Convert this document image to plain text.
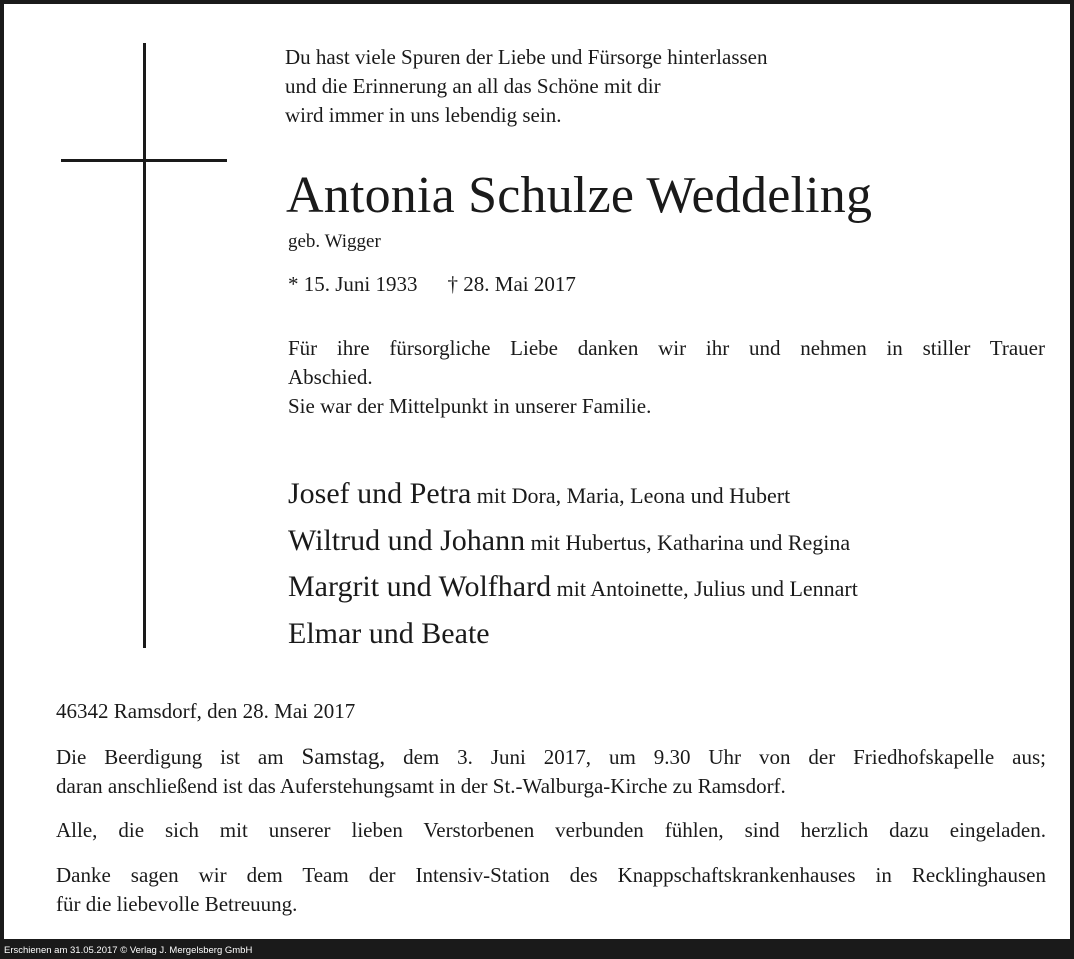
Du hast viele Spuren der Liebe und Fürsorge hinterlassen
und die Erinnerung an all das Schöne mit dir
wird immer in uns lebendig sein.
Antonia Schulze Weddeling
geb. Wigger
* 15. Juni 1933 † 28. Mai 2017
Für ihre fürsorgliche Liebe danken wir ihr und nehmen in stiller Trauer
Abschied.
Sie war der Mittelpunkt in unserer Familie.
Josef und Petra mit Dora, Maria, Leona und Hubert
Wiltrud und Johann mit Hubertus, Katharina und Regina
Margrit und Wolfhard mit Antoinette, Julius und Lennart
Elmar und Beate
46342 Ramsdorf, den 28. Mai 2017
Die Beerdigung ist am Samstag, dem 3. Juni 2017, um 9.30 Uhr von der Friedhofskapelle aus;
daran anschließend ist das Auferstehungsamt in der St.-Walburga-Kirche zu Ramsdorf.
Alle, die sich mit unserer lieben Verstorbenen verbunden fühlen, sind herzlich dazu eingeladen.
Danke sagen wir dem Team der Intensiv-Station des Knappschaftskrankenhauses in Recklinghausen
für die liebevolle Betreuung.
Erschienen am 31.05.2017 © Verlag J. Mergelsberg GmbH
